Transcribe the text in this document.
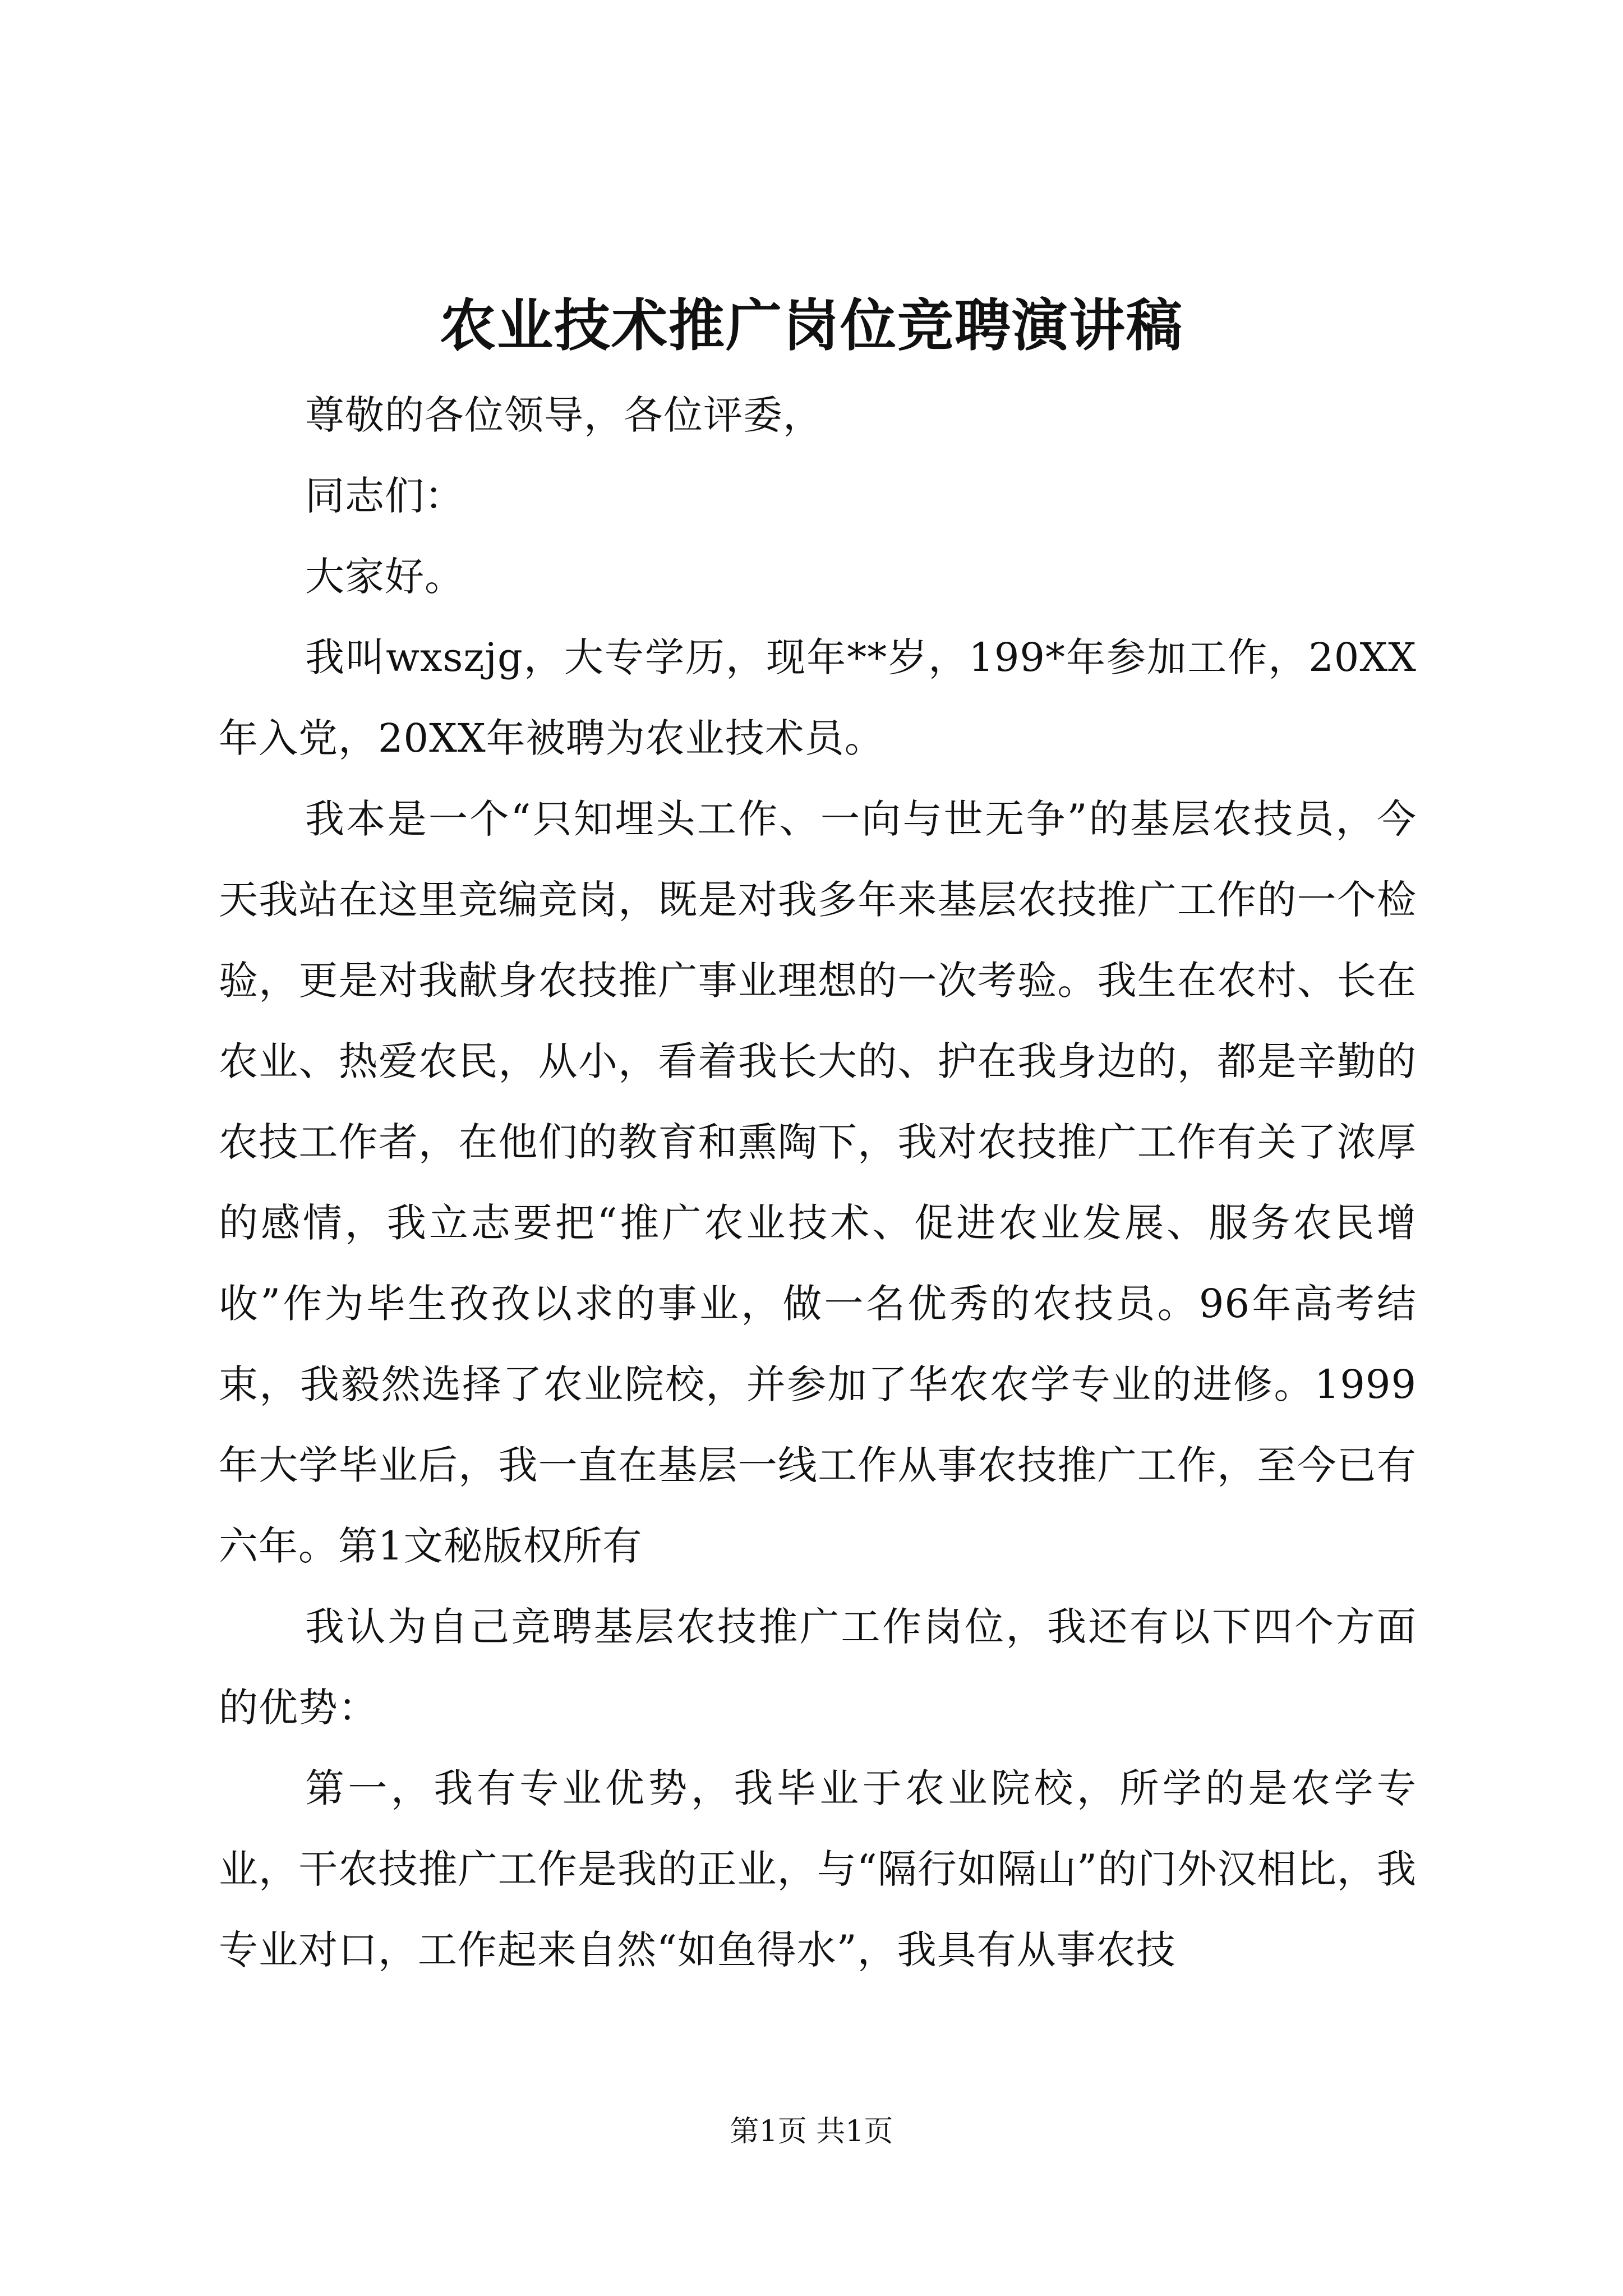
农业技术推广岗位竞聘演讲稿

尊敬的各位领导，各位评委，

同志们：

大家好。

我叫wxszjg，大专学历，现年**岁，199*年参加工作，20XX年入党，20XX年被聘为农业技术员。

我本是一个“只知埋头工作、一向与世无争”的基层农技员，今天我站在这里竞编竞岗，既是对我多年来基层农技推广工作的一个检验，更是对我献身农技推广事业理想的一次考验。我生在农村、长在农业、热爱农民，从小，看着我长大的、护在我身边的，都是辛勤的农技工作者，在他们的教育和熏陶下，我对农技推广工作有关了浓厚的感情，我立志要把“推广农业技术、促进农业发展、服务农民增收”作为毕生孜孜以求的事业，做一名优秀的农技员。96年高考结束，我毅然选择了农业院校，并参加了华农农学专业的进修。1999年大学毕业后，我一直在基层一线工作从事农技推广工作，至今已有六年。第1文秘版权所有

我认为自己竞聘基层农技推广工作岗位，我还有以下四个方面的优势：

第一，我有专业优势，我毕业于农业院校，所学的是农学专业，干农技推广工作是我的正业，与“隔行如隔山”的门外汉相比，我专业对口，工作起来自然“如鱼得水”，我具有从事农技

第1页 共1页
